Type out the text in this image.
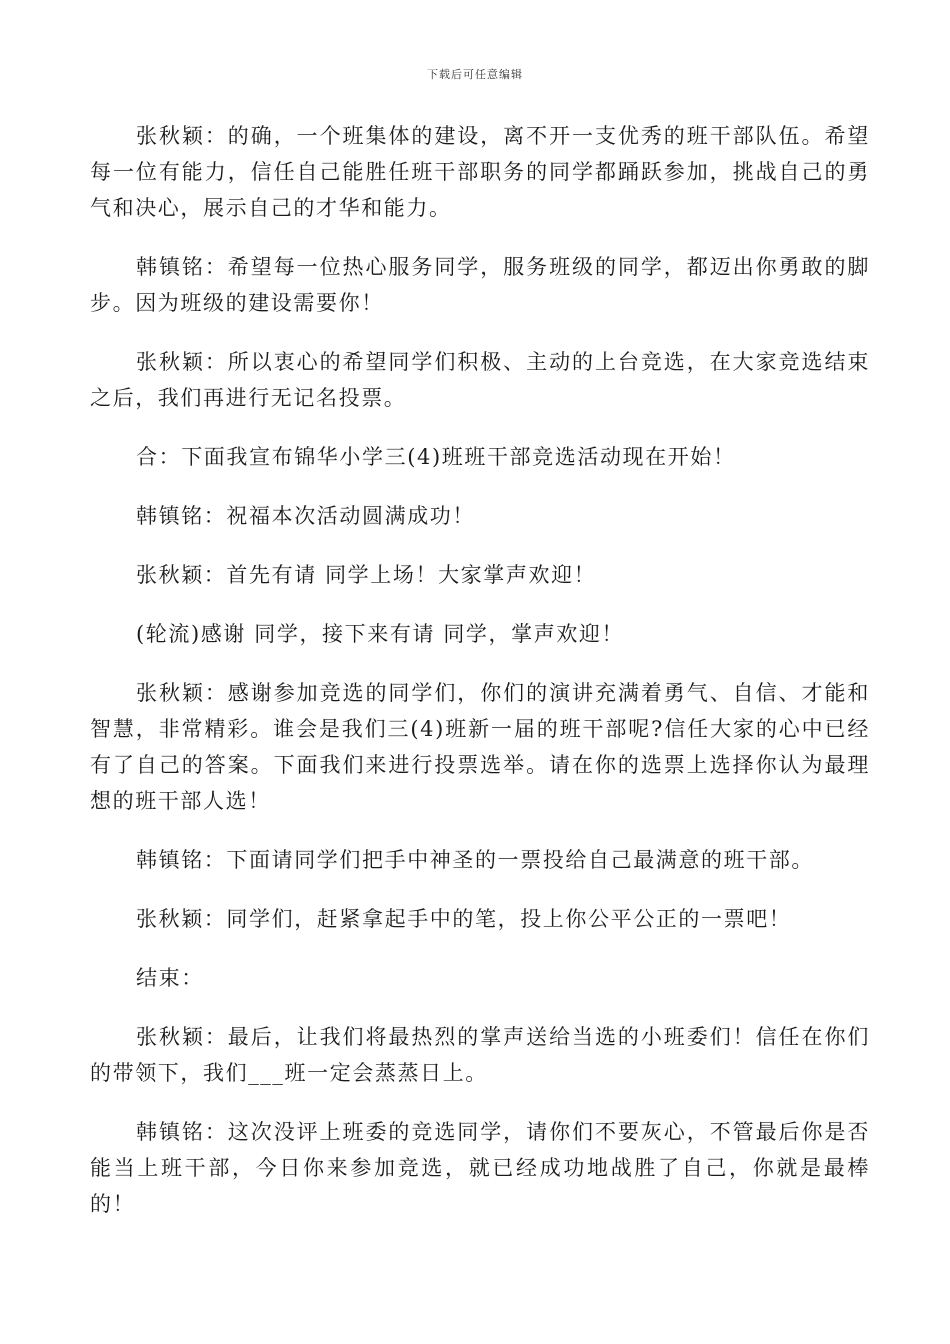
下载后可任意编辑

张秋颖：的确，一个班集体的建设，离不开一支优秀的班干部队伍。希望每一位有能力，信任自己能胜任班干部职务的同学都踊跃参加，挑战自己的勇气和决心，展示自己的才华和能力。

韩镇铭：希望每一位热心服务同学，服务班级的同学，都迈出你勇敢的脚步。因为班级的建设需要你！

张秋颖：所以衷心的希望同学们积极、主动的上台竞选，在大家竞选结束之后，我们再进行无记名投票。

合：下面我宣布锦华小学三(4)班班干部竞选活动现在开始！

韩镇铭：祝福本次活动圆满成功！

张秋颖：首先有请 同学上场！大家掌声欢迎！

(轮流)感谢 同学，接下来有请 同学，掌声欢迎！

张秋颖：感谢参加竞选的同学们，你们的演讲充满着勇气、自信、才能和智慧，非常精彩。谁会是我们三(4)班新一届的班干部呢?信任大家的心中已经有了自己的答案。下面我们来进行投票选举。请在你的选票上选择你认为最理想的班干部人选！

韩镇铭：下面请同学们把手中神圣的一票投给自己最满意的班干部。

张秋颖：同学们，赶紧拿起手中的笔，投上你公平公正的一票吧！

结束：

张秋颖：最后，让我们将最热烈的掌声送给当选的小班委们！信任在你们的带领下，我们___班一定会蒸蒸日上。

韩镇铭：这次没评上班委的竞选同学，请你们不要灰心，不管最后你是否能当上班干部，今日你来参加竞选，就已经成功地战胜了自己，你就是最棒的！
